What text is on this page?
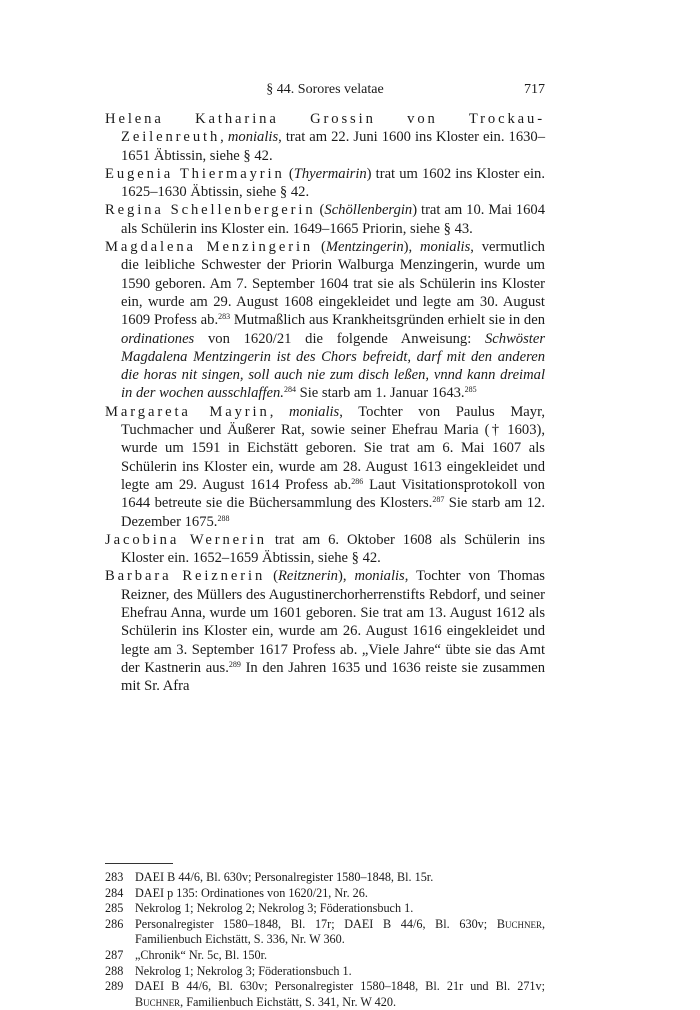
§ 44. Sorores velatae	717

Helena Katharina Grossin von Trockau-Zeilenreuth, monialis, trat am 22. Juni 1600 ins Kloster ein. 1630–1651 Äbtissin, siehe § 42.

Eugenia Thiermayrin (Thyermairin) trat um 1602 ins Kloster ein. 1625–1630 Äbtissin, siehe § 42.

Regina Schellenbergerin (Schöllenbergin) trat am 10. Mai 1604 als Schülerin ins Kloster ein. 1649–1665 Priorin, siehe § 43.

Magdalena Menzingerin (Mentzingerin), monialis, vermutlich die leibliche Schwester der Priorin Walburga Menzingerin, wurde um 1590 geboren. Am 7. September 1604 trat sie als Schülerin ins Kloster ein, wurde am 29. August 1608 eingekleidet und legte am 30. August 1609 Profess ab.$^{283}$ Mutmaßlich aus Krankheitsgründen erhielt sie in den ordinationes von 1620/21 die folgende Anweisung: Schwöster Magdalena Mentzingerin ist des Chors befreidt, darf mit den anderen die horas nit singen, soll auch nie zum disch leßen, vnnd kann dreimal in der wochen ausschlaffen.$^{284}$ Sie starb am 1. Januar 1643.$^{285}$

Margareta Mayrin, monialis, Tochter von Paulus Mayr, Tuchmacher und Äußerer Rat, sowie seiner Ehefrau Maria († 1603), wurde um 1591 in Eichstätt geboren. Sie trat am 6. Mai 1607 als Schülerin ins Kloster ein, wurde am 28. August 1613 eingekleidet und legte am 29. August 1614 Profess ab.$^{286}$ Laut Visitationsprotokoll von 1644 betreute sie die Büchersammlung des Klosters.$^{287}$ Sie starb am 12. Dezember 1675.$^{288}$

Jacobina Wernerin trat am 6. Oktober 1608 als Schülerin ins Kloster ein. 1652–1659 Äbtissin, siehe § 42.

Barbara Reiznerin (Reitznerin), monialis, Tochter von Thomas Reizner, des Müllers des Augustinerchorherrenstifts Rebdorf, und seiner Ehefrau Anna, wurde um 1601 geboren. Sie trat am 13. August 1612 als Schülerin ins Kloster ein, wurde am 26. August 1616 eingekleidet und legte am 3. September 1617 Profess ab. „Viele Jahre“ übte sie das Amt der Kastnerin aus.$^{289}$ In den Jahren 1635 und 1636 reiste sie zusammen mit Sr. Afra

283 DAEI B 44/6, Bl. 630v; Personalregister 1580–1848, Bl. 15r.
284 DAEI p 135: Ordinationes von 1620/21, Nr. 26.
285 Nekrolog 1; Nekrolog 2; Nekrolog 3; Föderationsbuch 1.
286 Personalregister 1580–1848, Bl. 17r; DAEI B 44/6, Bl. 630v; Buchner, Familienbuch Eichstätt, S. 336, Nr. W 360.
287 „Chronik“ Nr. 5c, Bl. 150r.
288 Nekrolog 1; Nekrolog 3; Föderationsbuch 1.
289 DAEI B 44/6, Bl. 630v; Personalregister 1580–1848, Bl. 21r und Bl. 271v; Buchner, Familienbuch Eichstätt, S. 341, Nr. W 420.
